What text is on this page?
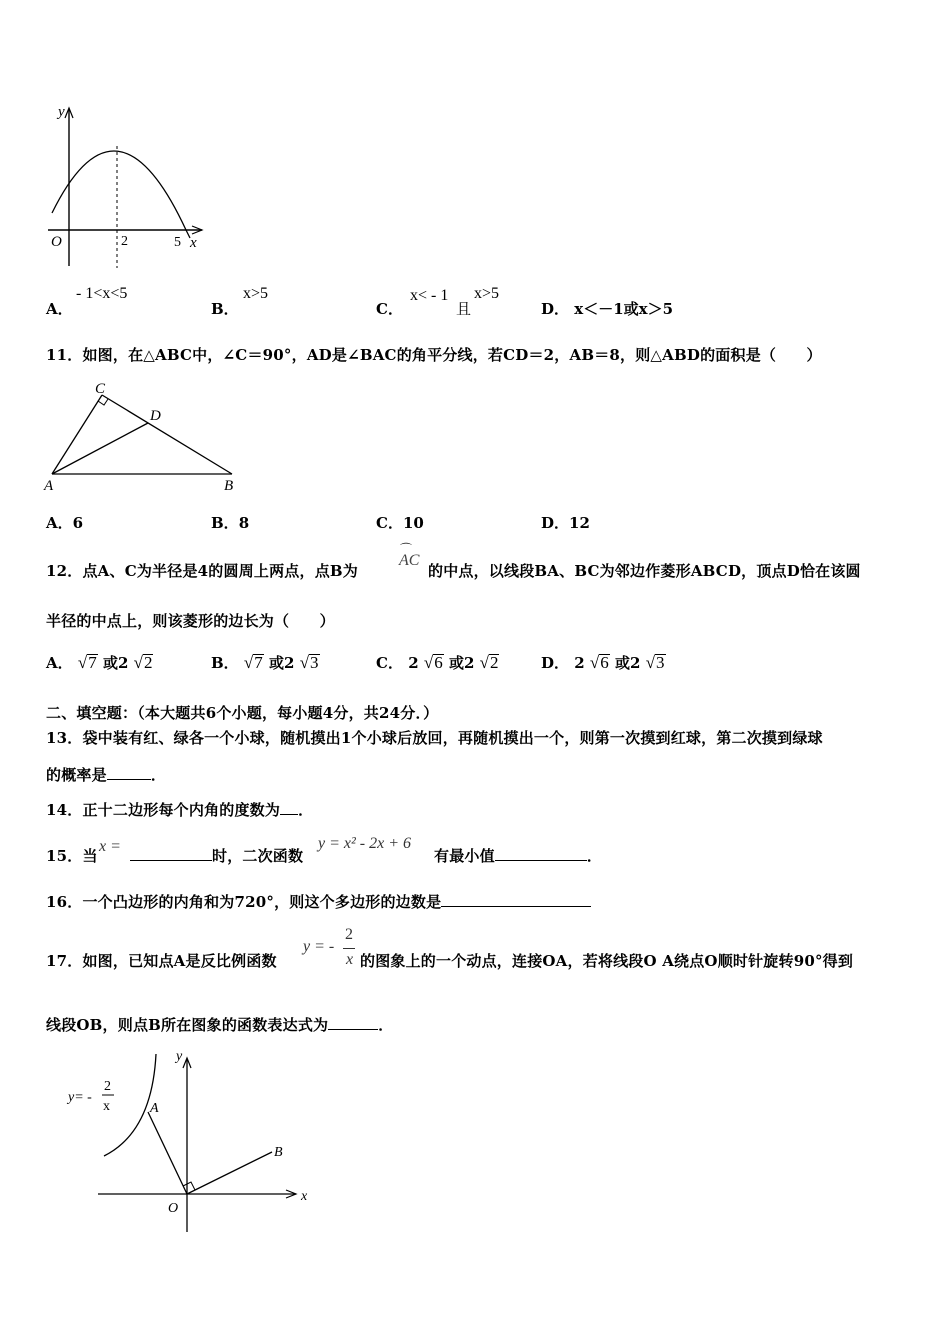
y
O	2	5 x
A．
- 1<x<5
B．
x>5
C．
x< - 1
且
x>5
D． x＜－1或x＞5
11．如图，在△ABC中，∠C＝90°，AD是∠BAC的角平分线，若CD＝2，AB＝8，则△ABD的面积是（　　）
C
D
A	B
A．6	B．8	C．10	D．12
12．点A、C为半径是4的圆周上两点，点B为
⌒
AC
的中点，以线段BA、BC为邻边作菱形ABCD，顶点D恰在该圆
半径的中点上，则该菱形的边长为（　　）
A． √7 或2 √2	B． √7 或2 √3	C． 2 √6 或2 √2	D． 2 √6 或2 √3
二、填空题：（本大题共6个小题，每小题4分，共24分．）
13．袋中装有红、绿各一个小球，随机摸出1个小球后放回，再随机摸出一个，则第一次摸到红球，第二次摸到绿球
的概率是	．
14．正十二边形每个内角的度数为 ．
15．当
x =
时，二次函数
y = x² - 2x + 6
有最小值	．
16．一个凸边形的内角和为720°，则这个多边形的边数是
17．如图，已知点A是反比例函数
y = -
2
x 的图象上的一个动点，连接OA，若将线段O A绕点O顺时针旋转90°得到
线段OB，则点B所在图象的函数表达式为	．
y= -
2
x	A
B
O
x
y
